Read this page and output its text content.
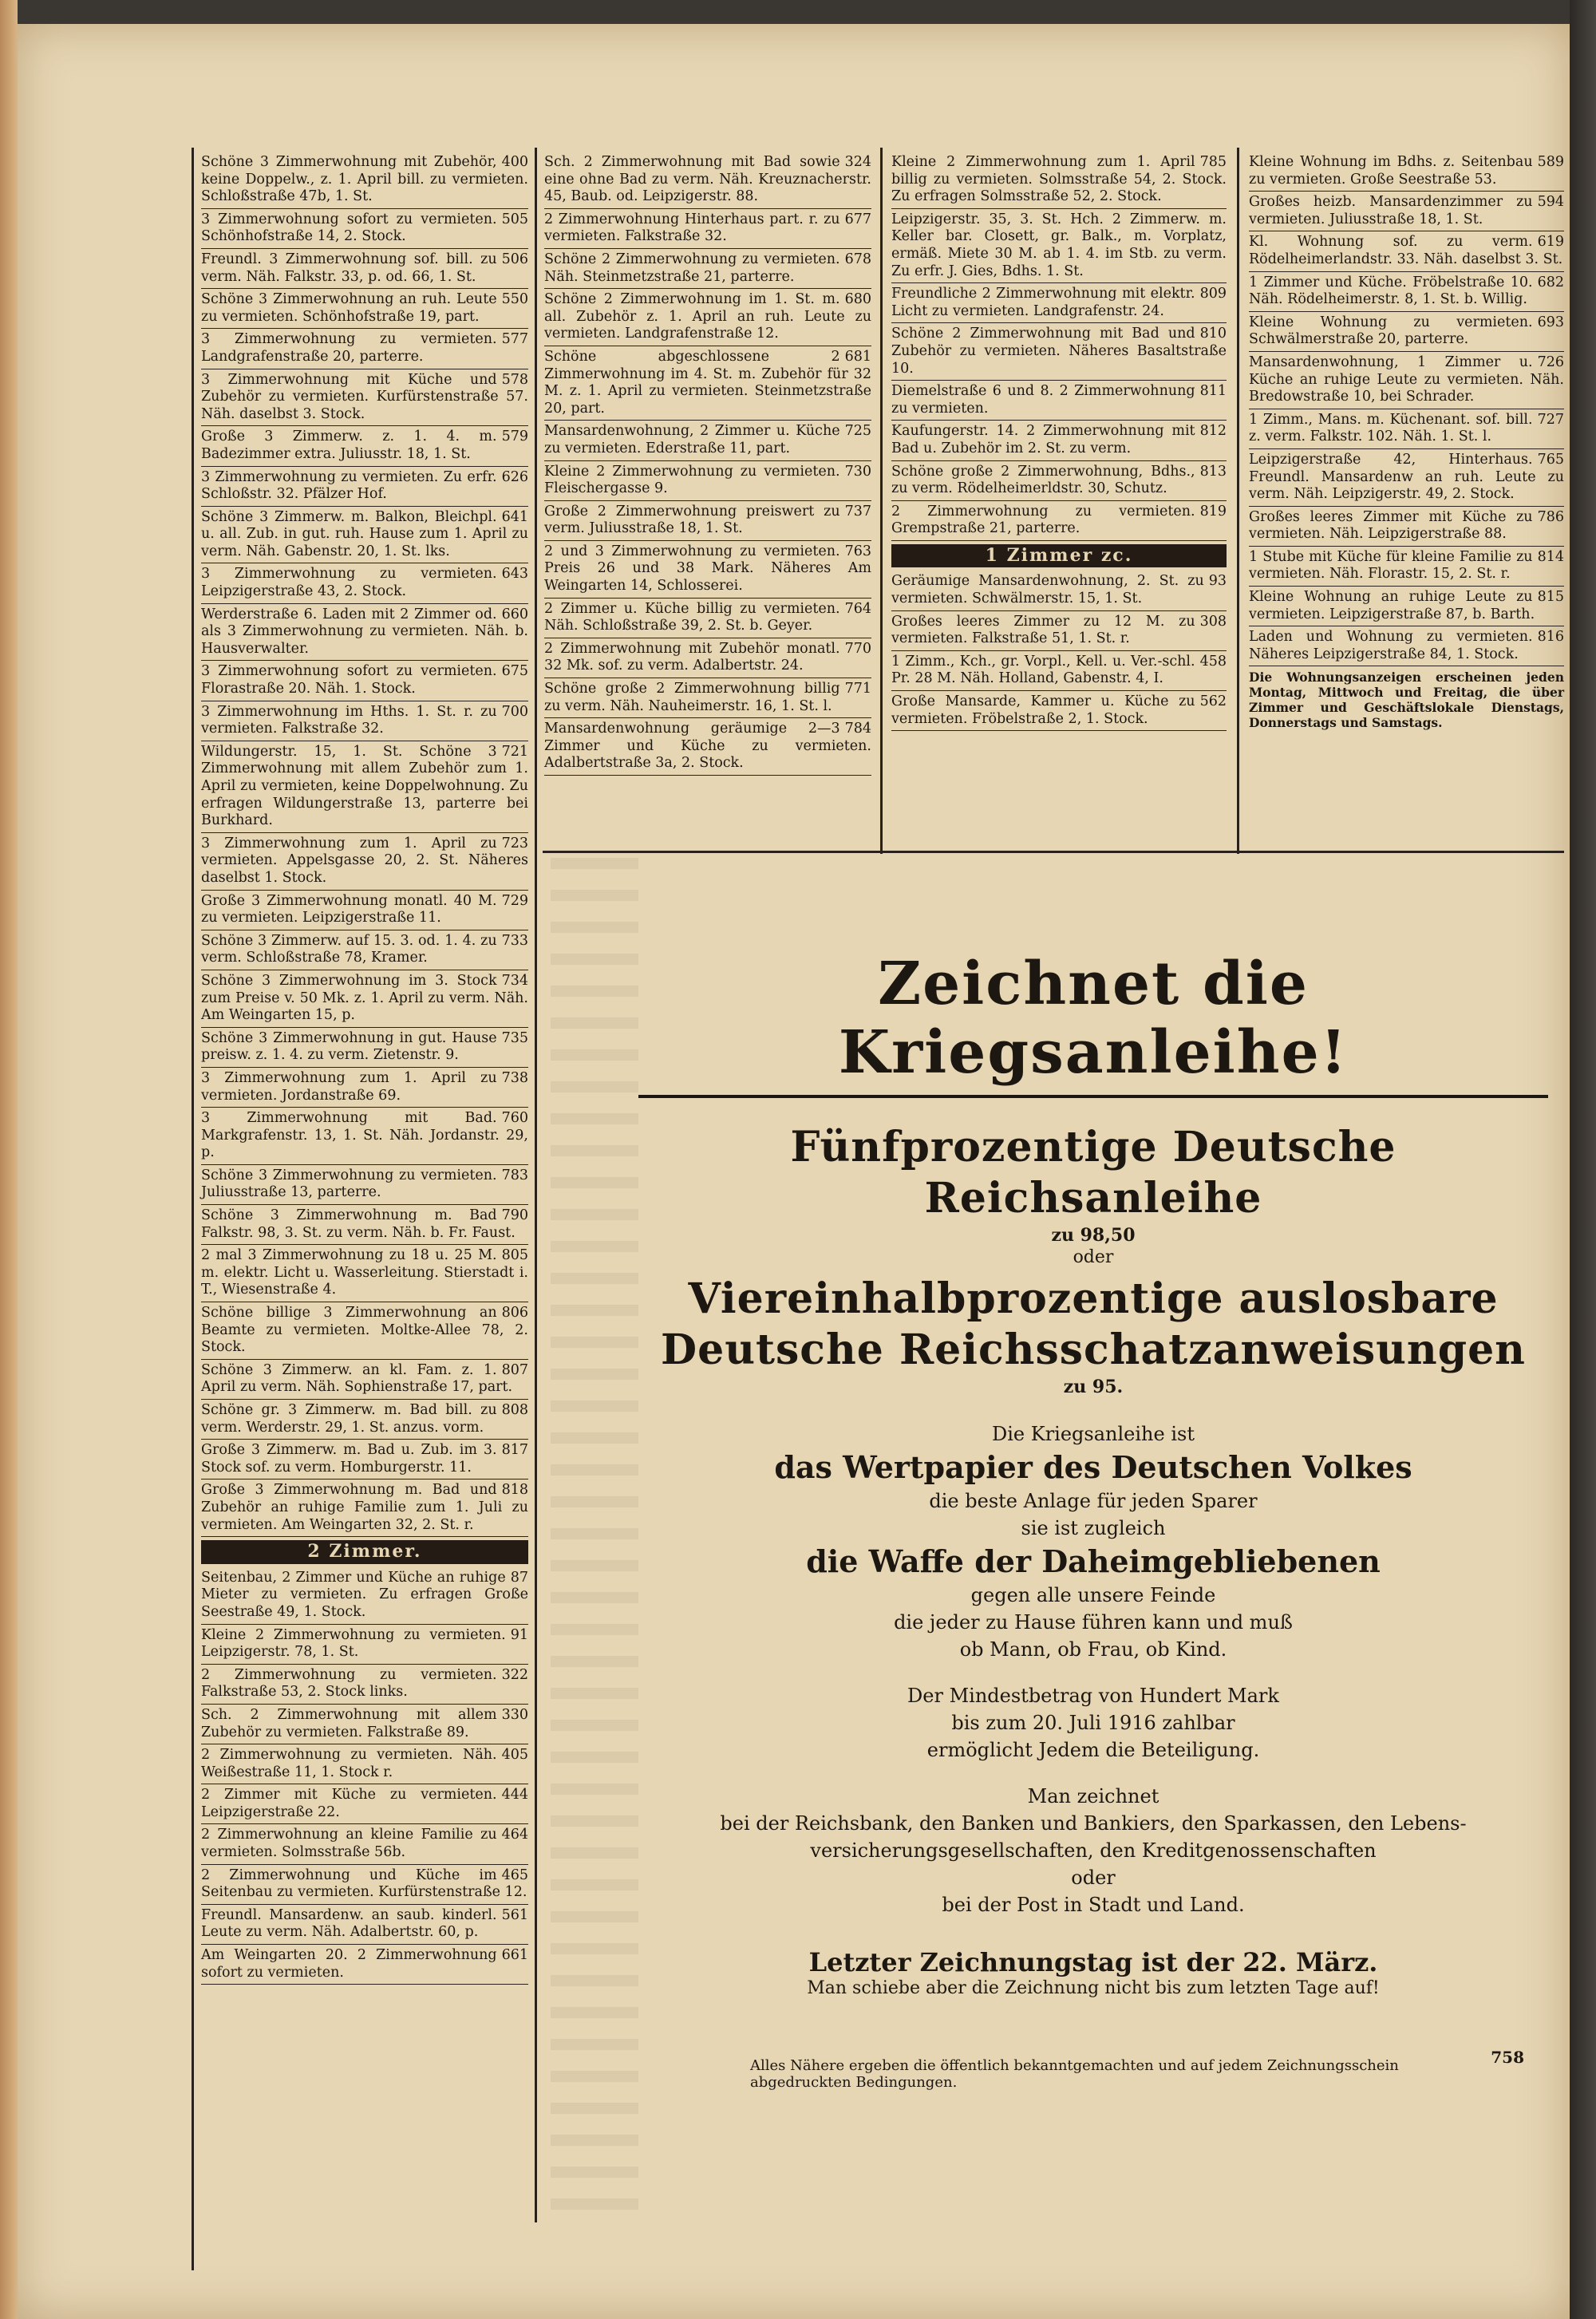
400
Schöne 3 Zimmerwohnung mit Zubehör, keine Doppelw., z. 1. April bill. zu vermieten. Schloßstraße 47b, 1. St.
505
3 Zimmerwohnung sofort zu vermieten. Schönhofstraße 14, 2. Stock.
506
Freundl. 3 Zimmerwohnung sof. bill. zu verm. Näh. Falkstr. 33, p. od. 66, 1. St.
550
Schöne 3 Zimmerwohnung an ruh. Leute zu vermieten. Schönhofstraße 19, part.
577
3 Zimmerwohnung zu vermieten. Landgrafenstraße 20, parterre.
578
3 Zimmerwohnung mit Küche und Zubehör zu vermieten. Kurfürstenstraße 57. Näh. daselbst 3. Stock.
579
Große 3 Zimmerw. z. 1. 4. m. Badezimmer extra. Juliusstr. 18, 1. St.
626
3 Zimmerwohnung zu vermieten. Zu erfr. Schloßstr. 32. Pfälzer Hof.
641
Schöne 3 Zimmerw. m. Balkon, Bleichpl. u. all. Zub. in gut. ruh. Hause zum 1. April zu verm. Näh. Gabenstr. 20, 1. St. lks.
643
3 Zimmerwohnung zu vermieten. Leipzigerstraße 43, 2. Stock.
660
Werderstraße 6. Laden mit 2 Zimmer od. als 3 Zimmerwohnung zu vermieten. Näh. b. Hausverwalter.
675
3 Zimmerwohnung sofort zu vermieten. Florastraße 20. Näh. 1. Stock.
700
3 Zimmerwohnung im Hths. 1. St. r. zu vermieten. Falkstraße 32.
721
Wildungerstr. 15, 1. St. Schöne 3 Zimmerwohnung mit allem Zubehör zum 1. April zu vermieten, keine Doppelwohnung. Zu erfragen Wildungerstraße 13, parterre bei Burkhard.
723
3 Zimmerwohnung zum 1. April zu vermieten. Appelsgasse 20, 2. St. Näheres daselbst 1. Stock.
729
Große 3 Zimmerwohnung monatl. 40 M. zu vermieten. Leipzigerstraße 11.
733
Schöne 3 Zimmerw. auf 15. 3. od. 1. 4. zu verm. Schloßstraße 78, Kramer.
734
Schöne 3 Zimmerwohnung im 3. Stock zum Preise v. 50 Mk. z. 1. April zu verm. Näh. Am Weingarten 15, p.
735
Schöne 3 Zimmerwohnung in gut. Hause preisw. z. 1. 4. zu verm. Zietenstr. 9.
738
3 Zimmerwohnung zum 1. April zu vermieten. Jordanstraße 69.
760
3 Zimmerwohnung mit Bad. Markgrafenstr. 13, 1. St. Näh. Jordanstr. 29, p.
783
Schöne 3 Zimmerwohnung zu vermieten. Juliusstraße 13, parterre.
790
Schöne 3 Zimmerwohnung m. Bad Falkstr. 98, 3. St. zu verm. Näh. b. Fr. Faust.
805
2 mal 3 Zimmerwohnung zu 18 u. 25 M. m. elektr. Licht u. Wasserleitung. Stierstadt i. T., Wiesenstraße 4.
806
Schöne billige 3 Zimmerwohnung an Beamte zu vermieten. Moltke-Allee 78, 2. Stock.
807
Schöne 3 Zimmerw. an kl. Fam. z. 1. April zu verm. Näh. Sophienstraße 17, part.
808
Schöne gr. 3 Zimmerw. m. Bad bill. zu verm. Werderstr. 29, 1. St. anzus. vorm.
817
Große 3 Zimmerw. m. Bad u. Zub. im 3. Stock sof. zu verm. Homburgerstr. 11.
818
Große 3 Zimmerwohnung m. Bad und Zubehör an ruhige Familie zum 1. Juli zu vermieten. Am Weingarten 32, 2. St. r.
2 Zimmer.
87
Seitenbau, 2 Zimmer und Küche an ruhige Mieter zu vermieten. Zu erfragen Große Seestraße 49, 1. Stock.
91
Kleine 2 Zimmerwohnung zu vermieten. Leipzigerstr. 78, 1. St.
322
2 Zimmerwohnung zu vermieten. Falkstraße 53, 2. Stock links.
330
Sch. 2 Zimmerwohnung mit allem Zubehör zu vermieten. Falkstraße 89.
405
2 Zimmerwohnung zu vermieten. Näh. Weißestraße 11, 1. Stock r.
444
2 Zimmer mit Küche zu vermieten. Leipzigerstraße 22.
464
2 Zimmerwohnung an kleine Familie zu vermieten. Solmsstraße 56b.
465
2 Zimmerwohnung und Küche im Seitenbau zu vermieten. Kurfürstenstraße 12.
561
Freundl. Mansardenw. an saub. kinderl. Leute zu verm. Näh. Adalbertstr. 60, p.
661
Am Weingarten 20. 2 Zimmerwohnung sofort zu vermieten.
324
Sch. 2 Zimmerwohnung mit Bad sowie eine ohne Bad zu verm. Näh. Kreuznacherstr. 45, Baub. od. Leipzigerstr. 88.
677
2 Zimmerwohnung Hinterhaus part. r. zu vermieten. Falkstraße 32.
678
Schöne 2 Zimmerwohnung zu vermieten. Näh. Steinmetzstraße 21, parterre.
680
Schöne 2 Zimmerwohnung im 1. St. m. all. Zubehör z. 1. April an ruh. Leute zu vermieten. Landgrafenstraße 12.
681
Schöne abgeschlossene 2 Zimmerwohnung im 4. St. m. Zubehör für 32 M. z. 1. April zu vermieten. Steinmetzstraße 20, part.
725
Mansardenwohnung, 2 Zimmer u. Küche zu vermieten. Ederstraße 11, part.
730
Kleine 2 Zimmerwohnung zu vermieten. Fleischergasse 9.
737
Große 2 Zimmerwohnung preiswert zu verm. Juliusstraße 18, 1. St.
763
2 und 3 Zimmerwohnung zu vermieten. Preis 26 und 38 Mark. Näheres Am Weingarten 14, Schlosserei.
764
2 Zimmer u. Küche billig zu vermieten. Näh. Schloßstraße 39, 2. St. b. Geyer.
770
2 Zimmerwohnung mit Zubehör monatl. 32 Mk. sof. zu verm. Adalbertstr. 24.
771
Schöne große 2 Zimmerwohnung billig zu verm. Näh. Nauheimerstr. 16, 1. St. l.
784
Mansardenwohnung geräumige 2—3 Zimmer und Küche zu vermieten. Adalbertstraße 3a, 2. Stock.
785
Kleine 2 Zimmerwohnung zum 1. April billig zu vermieten. Solmsstraße 54, 2. Stock. Zu erfragen Solmsstraße 52, 2. Stock.
Leipzigerstr. 35, 3. St. Hch. 2 Zimmerw. m. Keller bar. Closett, gr. Balk., m. Vorplatz, ermäß. Miete 30 M. ab 1. 4. im Stb. zu verm. Zu erfr. J. Gies, Bdhs. 1. St.
809
Freundliche 2 Zimmerwohnung mit elektr. Licht zu vermieten. Landgrafenstr. 24.
810
Schöne 2 Zimmerwohnung mit Bad und Zubehör zu vermieten. Näheres Basaltstraße 10.
811
Diemelstraße 6 und 8. 2 Zimmerwohnung zu vermieten.
812
Kaufungerstr. 14. 2 Zimmerwohnung mit Bad u. Zubehör im 2. St. zu verm.
813
Schöne große 2 Zimmerwohnung, Bdhs., zu verm. Rödelheimerldstr. 30, Schutz.
819
2 Zimmerwohnung zu vermieten. Grempstraße 21, parterre.
1 Zimmer zc.
93
Geräumige Mansardenwohnung, 2. St. zu vermieten. Schwälmerstr. 15, 1. St.
308
Großes leeres Zimmer zu 12 M. zu vermieten. Falkstraße 51, 1. St. r.
458
1 Zimm., Kch., gr. Vorpl., Kell. u. Ver.-schl. Pr. 28 M. Näh. Holland, Gabenstr. 4, I.
562
Große Mansarde, Kammer u. Küche zu vermieten. Fröbelstraße 2, 1. Stock.
589
Kleine Wohnung im Bdhs. z. Seitenbau zu vermieten. Große Seestraße 53.
594
Großes heizb. Mansardenzimmer zu vermieten. Juliusstraße 18, 1. St.
619
Kl. Wohnung sof. zu verm. Rödelheimerlandstr. 33. Näh. daselbst 3. St.
682
1 Zimmer und Küche. Fröbelstraße 10. Näh. Rödelheimerstr. 8, 1. St. b. Willig.
693
Kleine Wohnung zu vermieten. Schwälmerstraße 20, parterre.
726
Mansardenwohnung, 1 Zimmer u. Küche an ruhige Leute zu vermieten. Näh. Bredowstraße 10, bei Schrader.
727
1 Zimm., Mans. m. Küchenant. sof. bill. z. verm. Falkstr. 102. Näh. 1. St. l.
765
Leipzigerstraße 42, Hinterhaus. Freundl. Mansardenw an ruh. Leute zu verm. Näh. Leipzigerstr. 49, 2. Stock.
786
Großes leeres Zimmer mit Küche zu vermieten. Näh. Leipzigerstraße 88.
814
1 Stube mit Küche für kleine Familie zu vermieten. Näh. Florastr. 15, 2. St. r.
815
Kleine Wohnung an ruhige Leute zu vermieten. Leipzigerstraße 87, b. Barth.
816
Laden und Wohnung zu vermieten. Näheres Leipzigerstraße 84, 1. Stock.
Die Wohnungsanzeigen erscheinen jeden Montag, Mittwoch und Freitag, die über Zimmer und Geschäftslokale Dienstags, Donnerstags und Samstags.
Zeichnet die Kriegsanleihe!
Fünfprozentige Deutsche Reichsanleihe
zu 98,50
oder
Viereinhalbprozentige auslosbare
Deutsche Reichsschatzanweisungen
zu 95.
Die Kriegsanleihe ist
das Wertpapier des Deutschen Volkes
die beste Anlage für jeden Sparer
sie ist zugleich
die Waffe der Daheimgebliebenen
gegen alle unsere Feinde
die jeder zu Hause führen kann und muß
ob Mann, ob Frau, ob Kind.
Der Mindestbetrag von Hundert Mark
bis zum 20. Juli 1916 zahlbar
ermöglicht Jedem die Beteiligung.
Man zeichnet
bei der Reichsbank, den Banken und Bankiers, den Sparkassen, den Lebens-
versicherungsgesellschaften, den Kreditgenossenschaften
oder
bei der Post in Stadt und Land.
Letzter Zeichnungstag ist der 22. März.
Man schiebe aber die Zeichnung nicht bis zum letzten Tage auf!
Alles Nähere ergeben die öffentlich bekanntgemachten und auf jedem Zeichnungsschein abgedruckten Bedingungen.
758
